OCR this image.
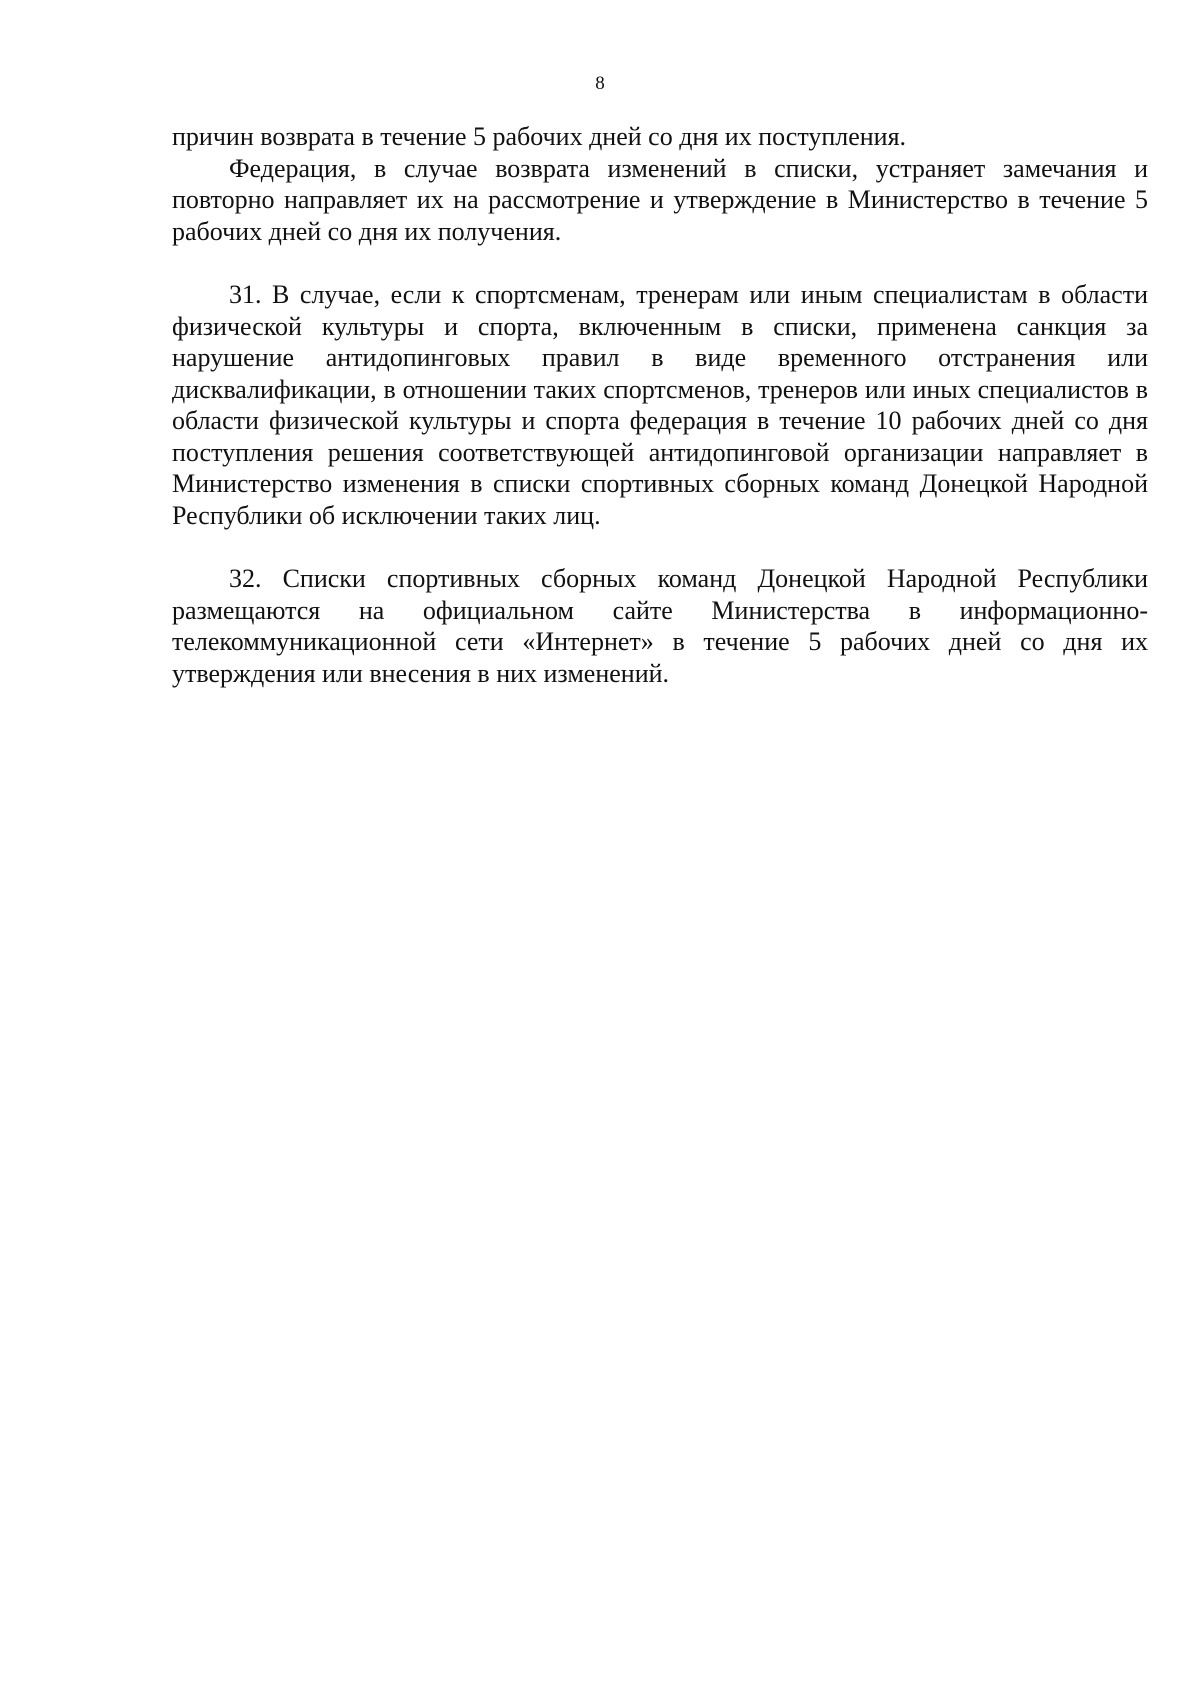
8

причин возврата в течение 5 рабочих дней со дня их поступления.

Федерация, в случае возврата изменений в списки, устраняет замечания и повторно направляет их на рассмотрение и утверждение в Министерство в течение 5 рабочих дней со дня их получения.

31. В случае, если к спортсменам, тренерам или иным специалистам в области физической культуры и спорта, включенным в списки, применена санкция за нарушение антидопинговых правил в виде временного отстранения или дисквалификации, в отношении таких спортсменов, тренеров или иных специалистов в области физической культуры и спорта федерация в течение 10 рабочих дней со дня поступления решения соответствующей антидопинговой организации направляет в Министерство изменения в списки спортивных сборных команд Донецкой Народной Республики об исключении таких лиц.

32. Списки спортивных сборных команд Донецкой Народной Республики размещаются на официальном сайте Министерства в информационно-телекоммуникационной сети «Интернет» в течение 5 рабочих дней со дня их утверждения или внесения в них изменений.
